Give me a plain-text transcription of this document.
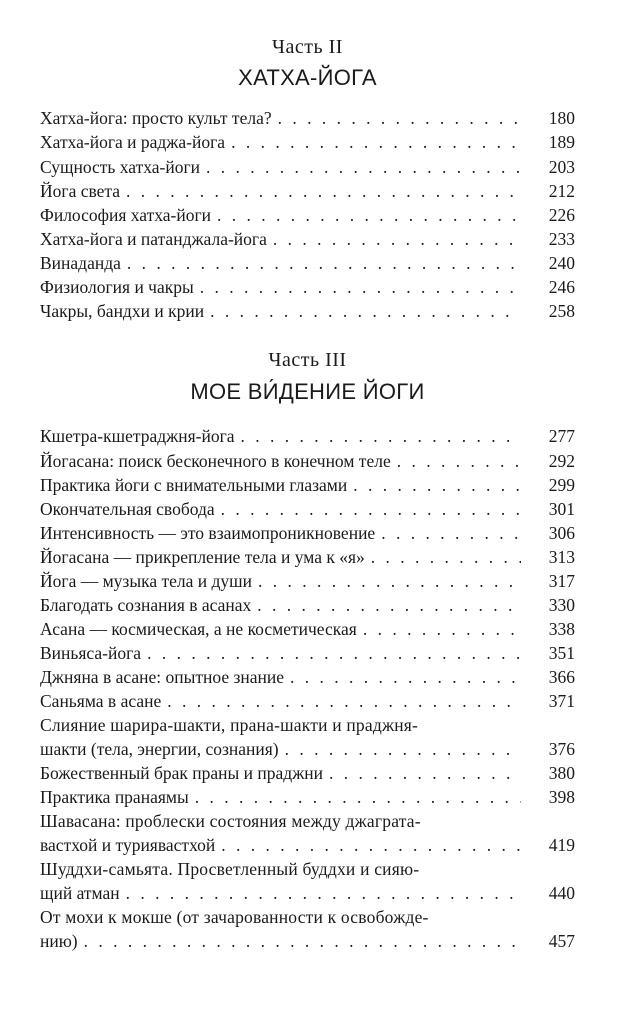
Часть II
ХАТХА-ЙОГА
Хатха-йога: просто культ тела? . . .	180
Хатха-йога и раджа-йога . . .	189
Сущность хатха-йоги . . .	203
Йога света . . .	212
Философия хатха-йоги . . .	226
Хатха-йога и патанджала-йога . . .	233
Винаданда . . .	240
Физиология и чакры . . .	246
Чакры, бандхи и крии . . .	258
Часть III
МОЕ ВИ́ДЕНИЕ ЙОГИ
Кшетра-кшетраджня-йога . . .	277
Йогасана: поиск бесконечного в конечном теле . . .	292
Практика йоги с внимательными глазами . . .	299
Окончательная свобода . . .	301
Интенсивность — это взаимопроникновение . . .	306
Йогасана — прикрепление тела и ума к «я» . . .	313
Йога — музыка тела и души . . .	317
Благодать сознания в асанах . . .	330
Асана — космическая, а не косметическая . . .	338
Виньяса-йога . . .	351
Джняна в асане: опытное знание . . .	366
Саньяма в асане . . .	371
Слияние шарира-шакти, прана-шакти и праджня-
шакти (тела, энергии, сознания) . . .	376
Божественный брак праны и праджни . . .	380
Практика пранаямы . . .	398
Шавасана: проблески состояния между джаграта-
вастхой и турияваcтхой . . .	419
Шуддхи-самьята. Просветленный буддхи и сияю-
щий атман . . .	440
От мохи к мокше (от зачарованности к освобожде-
нию) . . .	457
